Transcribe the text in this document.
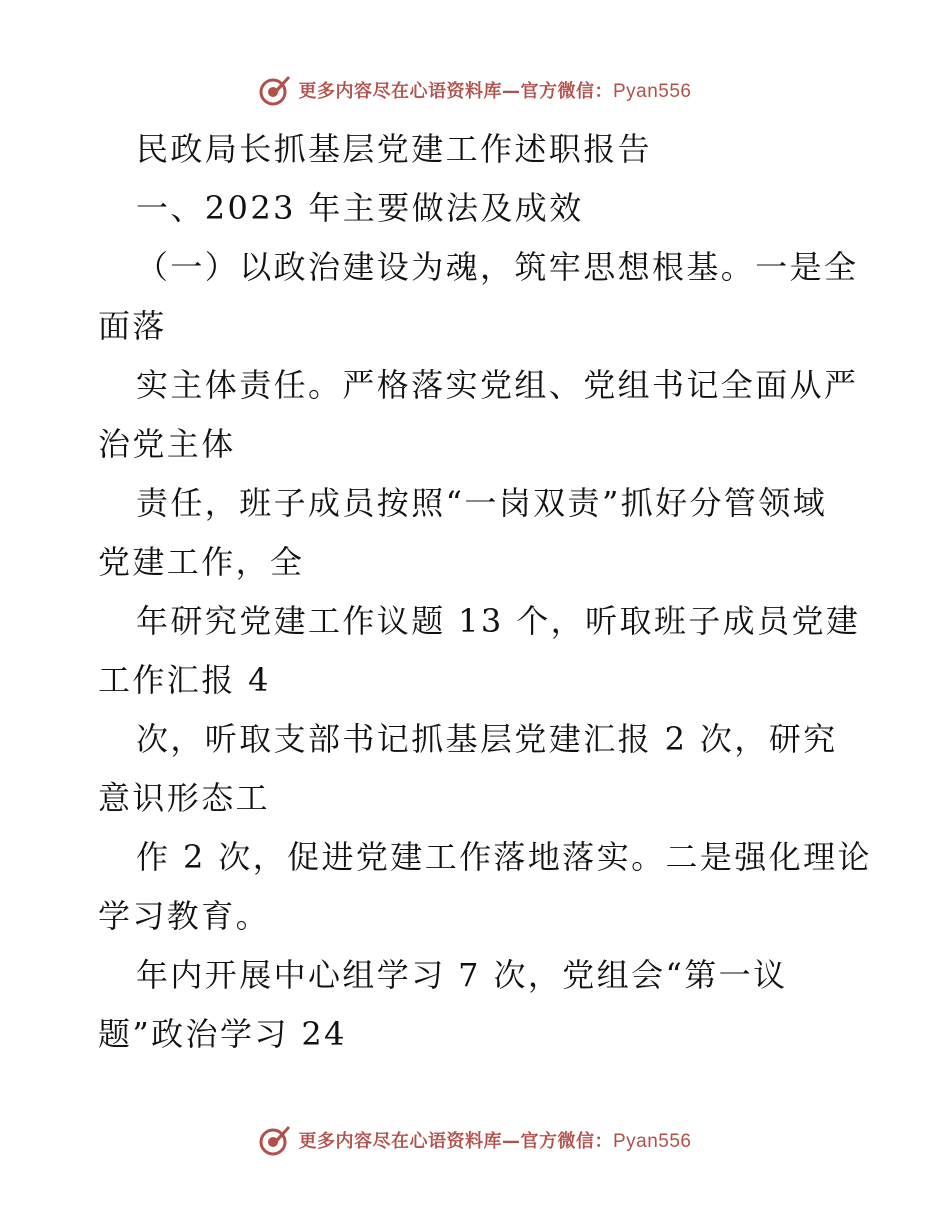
更多内容尽在心语资料库—官方微信：Pyan556
民政局长抓基层党建工作述职报告
一、2023 年主要做法及成效
（一）以政治建设为魂，筑牢思想根基。一是全
面落
实主体责任。严格落实党组、党组书记全面从严
治党主体
责任，班子成员按照“一岗双责”抓好分管领域
党建工作，全
年研究党建工作议题 13 个，听取班子成员党建
工作汇报 4
次，听取支部书记抓基层党建汇报 2 次，研究
意识形态工
作 2 次，促进党建工作落地落实。二是强化理论
学习教育。
年内开展中心组学习 7 次，党组会“第一议
题”政治学习 24
更多内容尽在心语资料库—官方微信：Pyan556
